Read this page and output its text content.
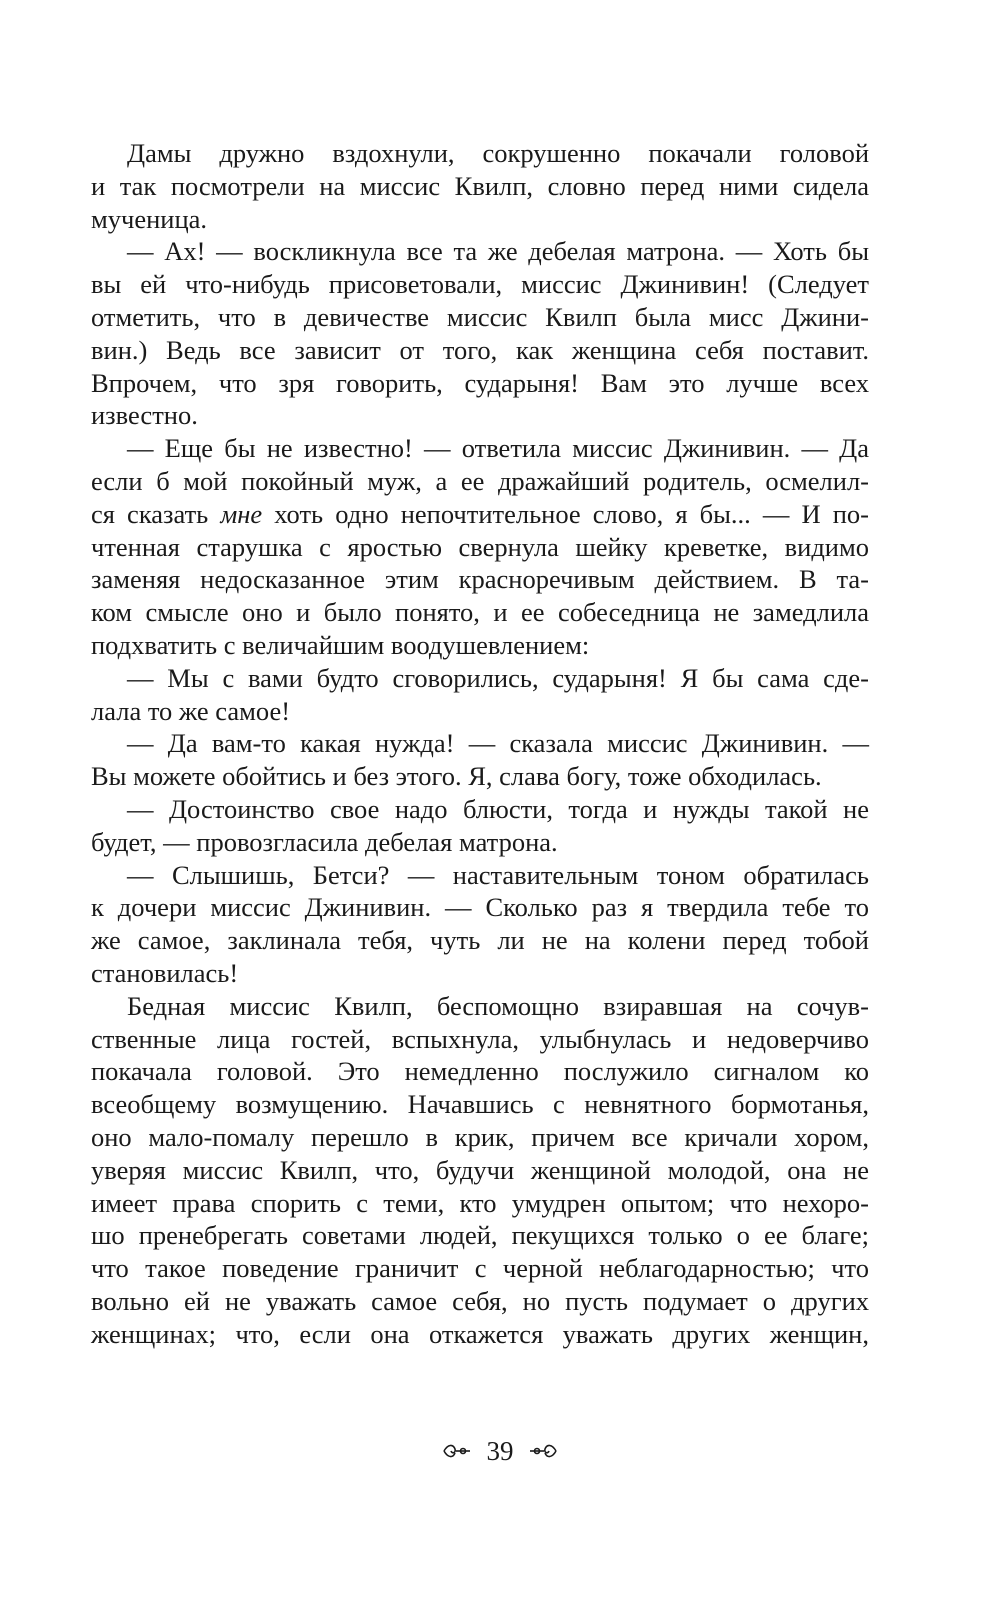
Дамы дружно вздохнули, сокрушенно покачали головой
и так посмотрели на миссис Квилп, словно перед ними сидела
мученица.
— Ах! — воскликнула все та же дебелая матрона. — Хоть бы
вы ей что-нибудь присоветовали, миссис Джинивин! (Следует
отметить, что в девичестве миссис Квилп была мисс Джини-
вин.) Ведь все зависит от того, как женщина себя поставит.
Впрочем, что зря говорить, сударыня! Вам это лучше всех
известно.
— Еще бы не известно! — ответила миссис Джинивин. — Да
если б мой покойный муж, а ее дражайший родитель, осмелил-
ся сказать мне хоть одно непочтительное слово, я бы... — И по-
чтенная старушка с яростью свернула шейку креветке, видимо
заменяя недосказанное этим красноречивым действием. В та-
ком смысле оно и было понято, и ее собеседница не замедлила
подхватить с величайшим воодушевлением:
— Мы с вами будто сговорились, сударыня! Я бы сама сде-
лала то же самое!
— Да вам-то какая нужда! — сказала миссис Джинивин. —
Вы можете обойтись и без этого. Я, слава богу, тоже обходилась.
— Достоинство свое надо блюсти, тогда и нужды такой не
будет, — провозгласила дебелая матрона.
— Слышишь, Бетси? — наставительным тоном обратилась
к дочери миссис Джинивин. — Сколько раз я твердила тебе то
же самое, заклинала тебя, чуть ли не на колени перед тобой
становилась!
Бедная миссис Квилп, беспомощно взиравшая на сочув-
ственные лица гостей, вспыхнула, улыбнулась и недоверчиво
покачала головой. Это немедленно послужило сигналом ко
всеобщему возмущению. Начавшись с невнятного бормотанья,
оно мало-помалу перешло в крик, причем все кричали хором,
уверяя миссис Квилп, что, будучи женщиной молодой, она не
имеет права спорить с теми, кто умудрен опытом; что нехоро-
шо пренебрегать советами людей, пекущихся только о ее благе;
что такое поведение граничит с черной неблагодарностью; что
вольно ей не уважать самое себя, но пусть подумает о других
женщинах; что, если она откажется уважать других женщин,
39
